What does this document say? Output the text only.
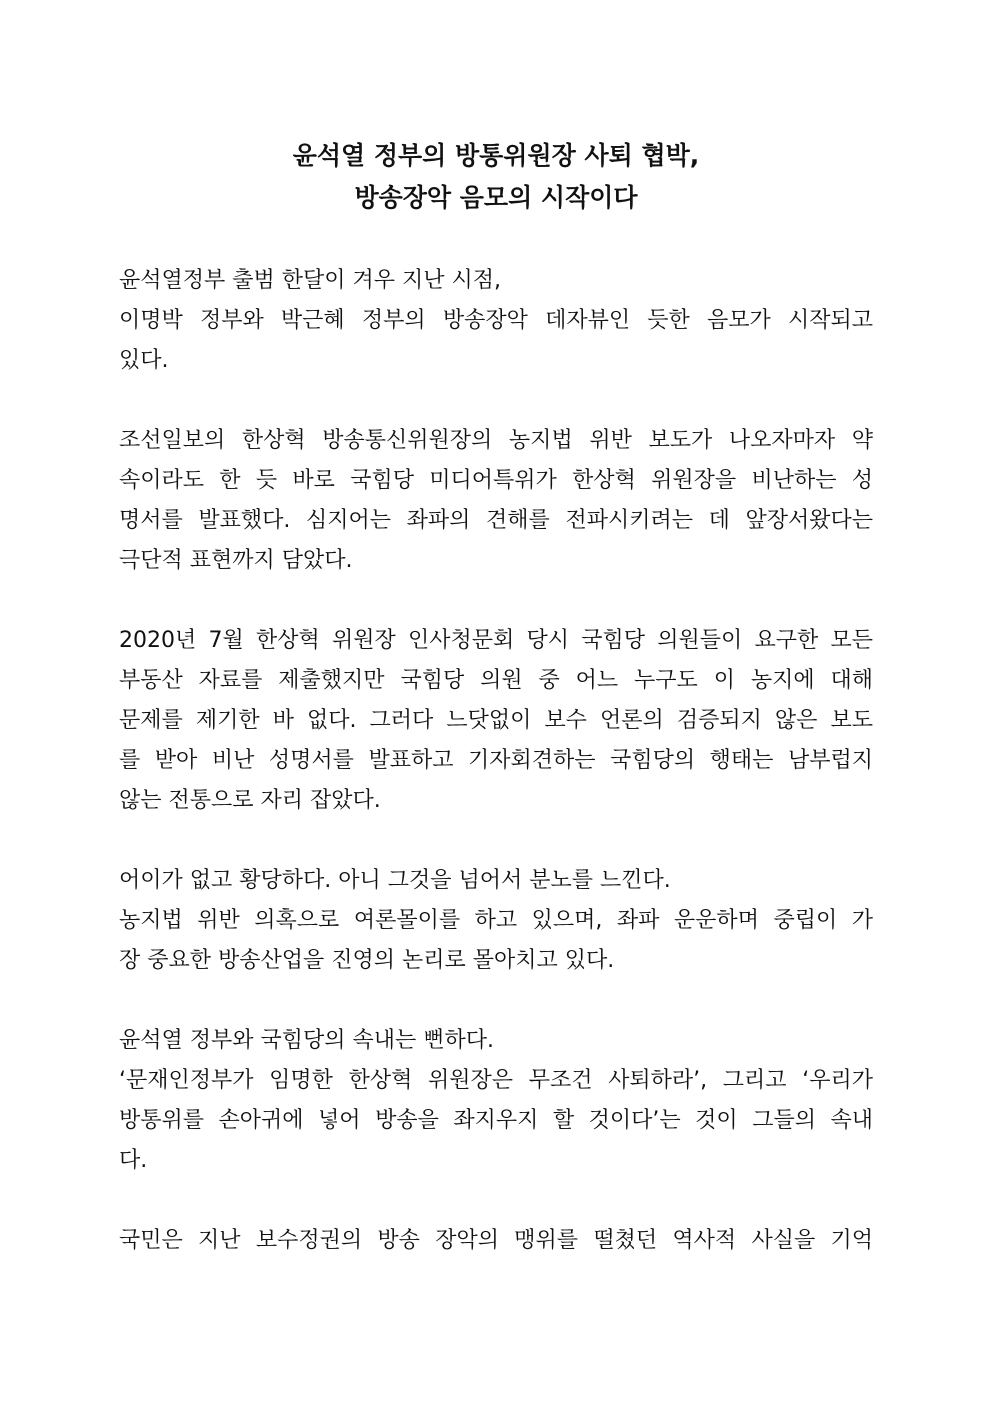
윤석열 정부의 방통위원장 사퇴 협박,
방송장악 음모의 시작이다
윤석열정부 출범 한달이 겨우 지난 시점,
이명박 정부와 박근혜 정부의 방송장악 데자뷰인 듯한 음모가 시작되고
있다.
조선일보의 한상혁 방송통신위원장의 농지법 위반 보도가 나오자마자 약
속이라도 한 듯 바로 국힘당 미디어특위가 한상혁 위원장을 비난하는 성
명서를 발표했다. 심지어는 좌파의 견해를 전파시키려는 데 앞장서왔다는
극단적 표현까지 담았다.
2020년 7월 한상혁 위원장 인사청문회 당시 국힘당 의원들이 요구한 모든
부동산 자료를 제출했지만 국힘당 의원 중 어느 누구도 이 농지에 대해
문제를 제기한 바 없다. 그러다 느닷없이 보수 언론의 검증되지 않은 보도
를 받아 비난 성명서를 발표하고 기자회견하는 국힘당의 행태는 남부럽지
않는 전통으로 자리 잡았다.
어이가 없고 황당하다. 아니 그것을 넘어서 분노를 느낀다.
농지법 위반 의혹으로 여론몰이를 하고 있으며, 좌파 운운하며 중립이 가
장 중요한 방송산업을 진영의 논리로 몰아치고 있다.
윤석열 정부와 국힘당의 속내는 뻔하다.
‘문재인정부가 임명한 한상혁 위원장은 무조건 사퇴하라’, 그리고 ‘우리가
방통위를 손아귀에 넣어 방송을 좌지우지 할 것이다’는 것이 그들의 속내
다.
국민은 지난 보수정권의 방송 장악의 맹위를 떨쳤던 역사적 사실을 기억
